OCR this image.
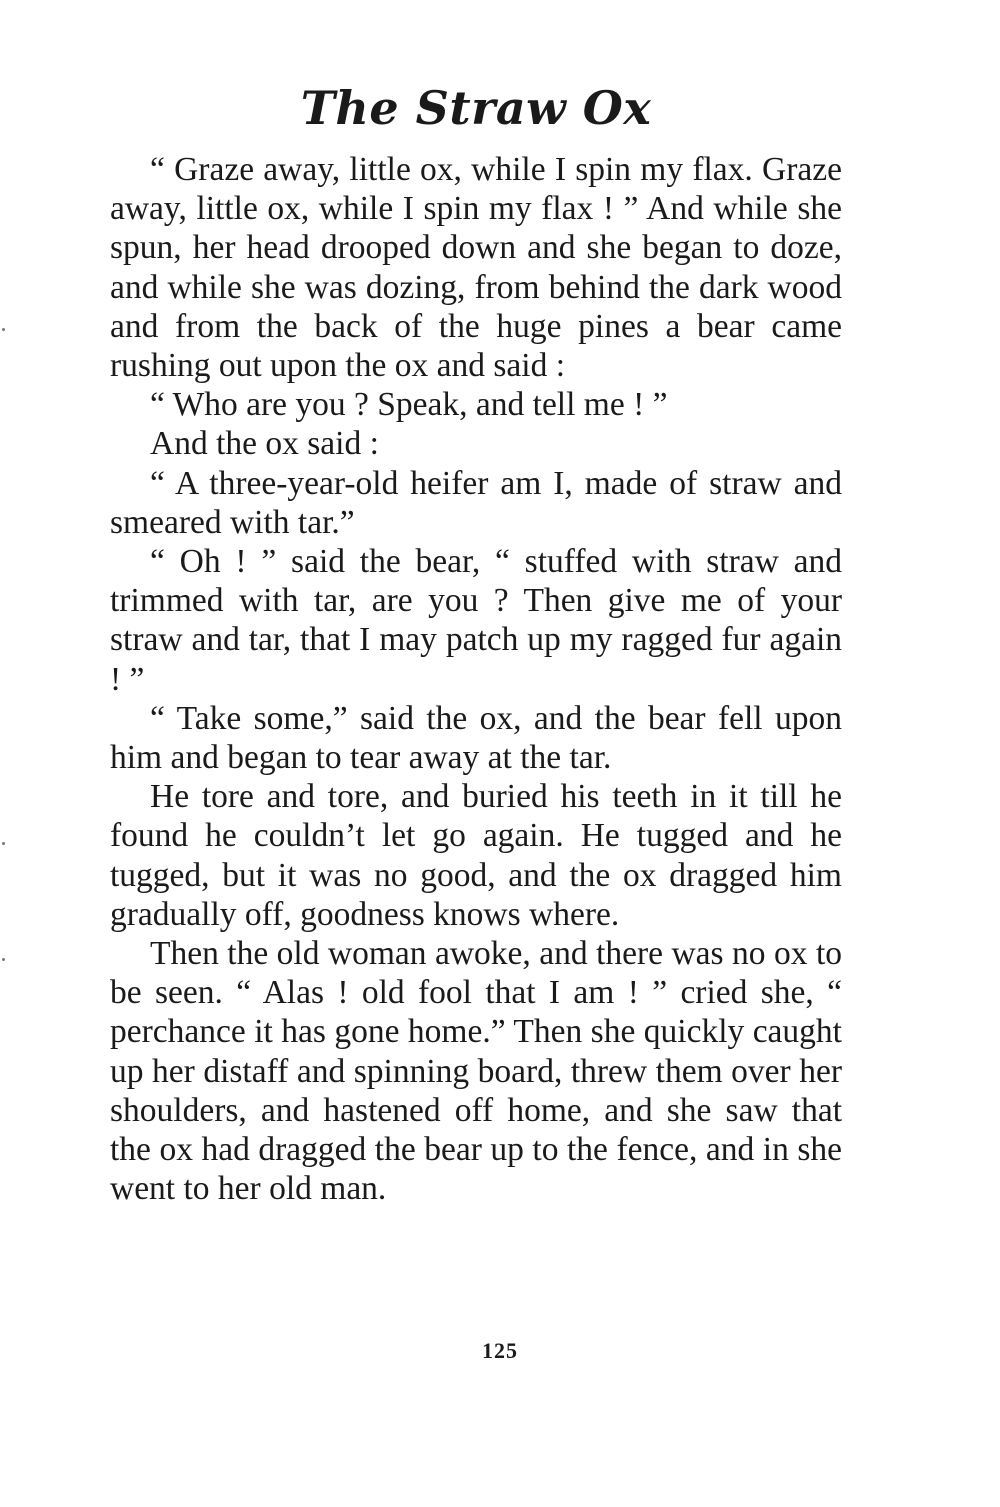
The Straw Ox

“ Graze away, little ox, while I spin my flax. Graze away, little ox, while I spin my flax ! ” And while she spun, her head drooped down and she began to doze, and while she was dozing, from behind the dark wood and from the back of the huge pines a bear came rushing out upon the ox and said :

“ Who are you ? Speak, and tell me ! ”

And the ox said :

“ A three-year-old heifer am I, made of straw and smeared with tar.”

“ Oh ! ” said the bear, “ stuffed with straw and trimmed with tar, are you ? Then give me of your straw and tar, that I may patch up my ragged fur again ! ”

“ Take some,” said the ox, and the bear fell upon him and began to tear away at the tar.

He tore and tore, and buried his teeth in it till he found he couldn’t let go again. He tugged and he tugged, but it was no good, and the ox dragged him gradually off, goodness knows where.

Then the old woman awoke, and there was no ox to be seen. “ Alas ! old fool that I am ! ” cried she, “ perchance it has gone home.” Then she quickly caught up her distaff and spinning board, threw them over her shoulders, and hastened off home, and she saw that the ox had dragged the bear up to the fence, and in she went to her old man.

125
